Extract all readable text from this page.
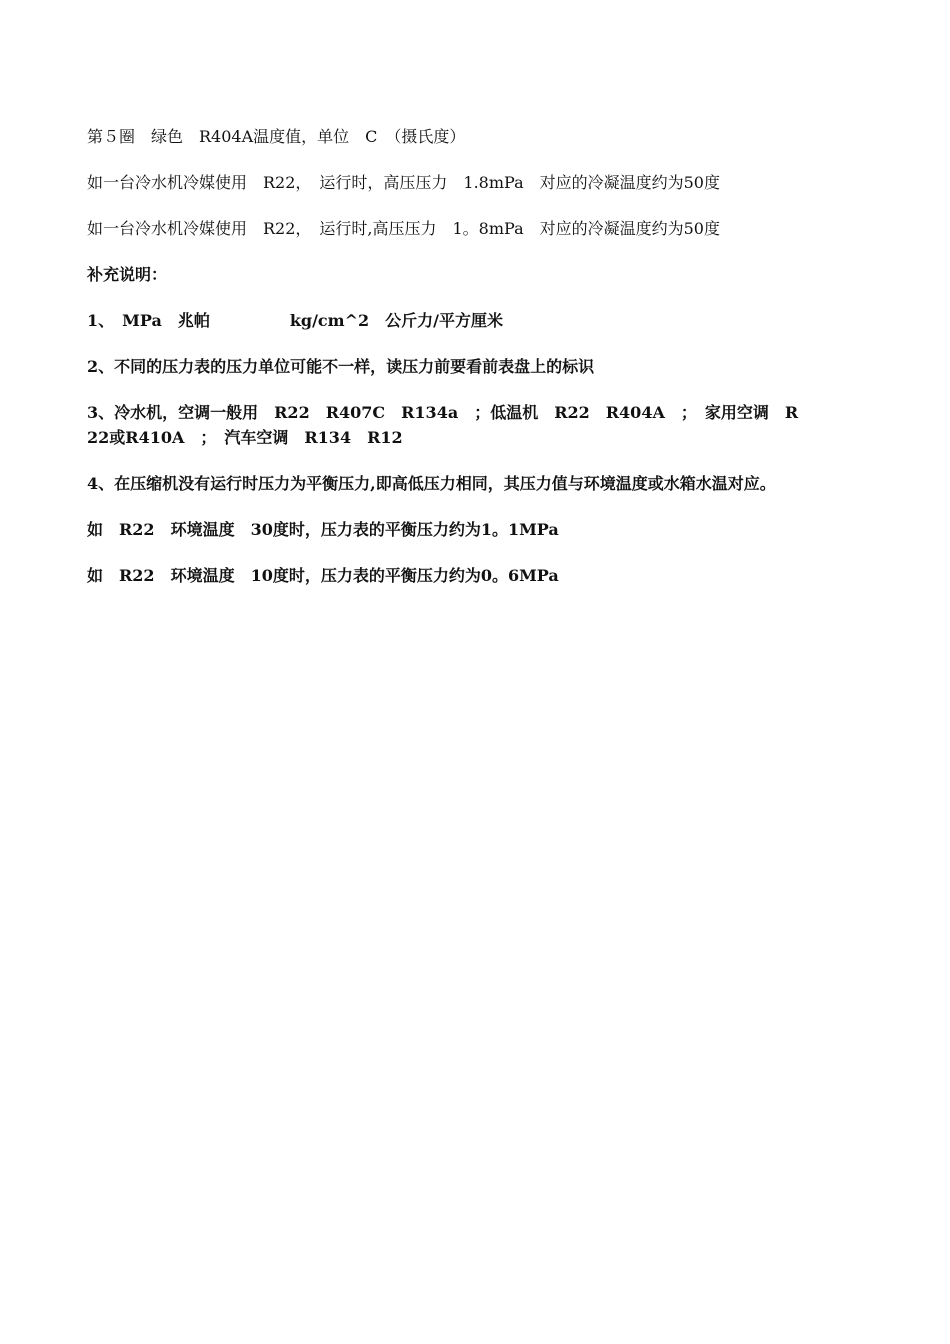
第５圈　绿色　R404A温度值，单位　C　（摄氏度）

如一台冷水机冷媒使用　R22，　运行时，高压压力　1.8mPa　对应的冷凝温度约为50度

如一台冷水机冷媒使用　R22，　运行时,高压压力　1。8mPa　对应的冷凝温度约为50度

补充说明：

1、　MPa　兆帕　　　　　kg/cm^2　公斤力/平方厘米

2、不同的压力表的压力单位可能不一样，读压力前要看前表盘上的标识

3、冷水机，空调一般用　R22　R407C　R134a　；低温机　R22　R404A　；　家用空调　R22或R410A　；　汽车空调　R134　R12

4、在压缩机没有运行时压力为平衡压力,即高低压力相同，其压力值与环境温度或水箱水温对应。

如　R22　环境温度　30度时，压力表的平衡压力约为1。1MPa

如　R22　环境温度　10度时，压力表的平衡压力约为0。6MPa
